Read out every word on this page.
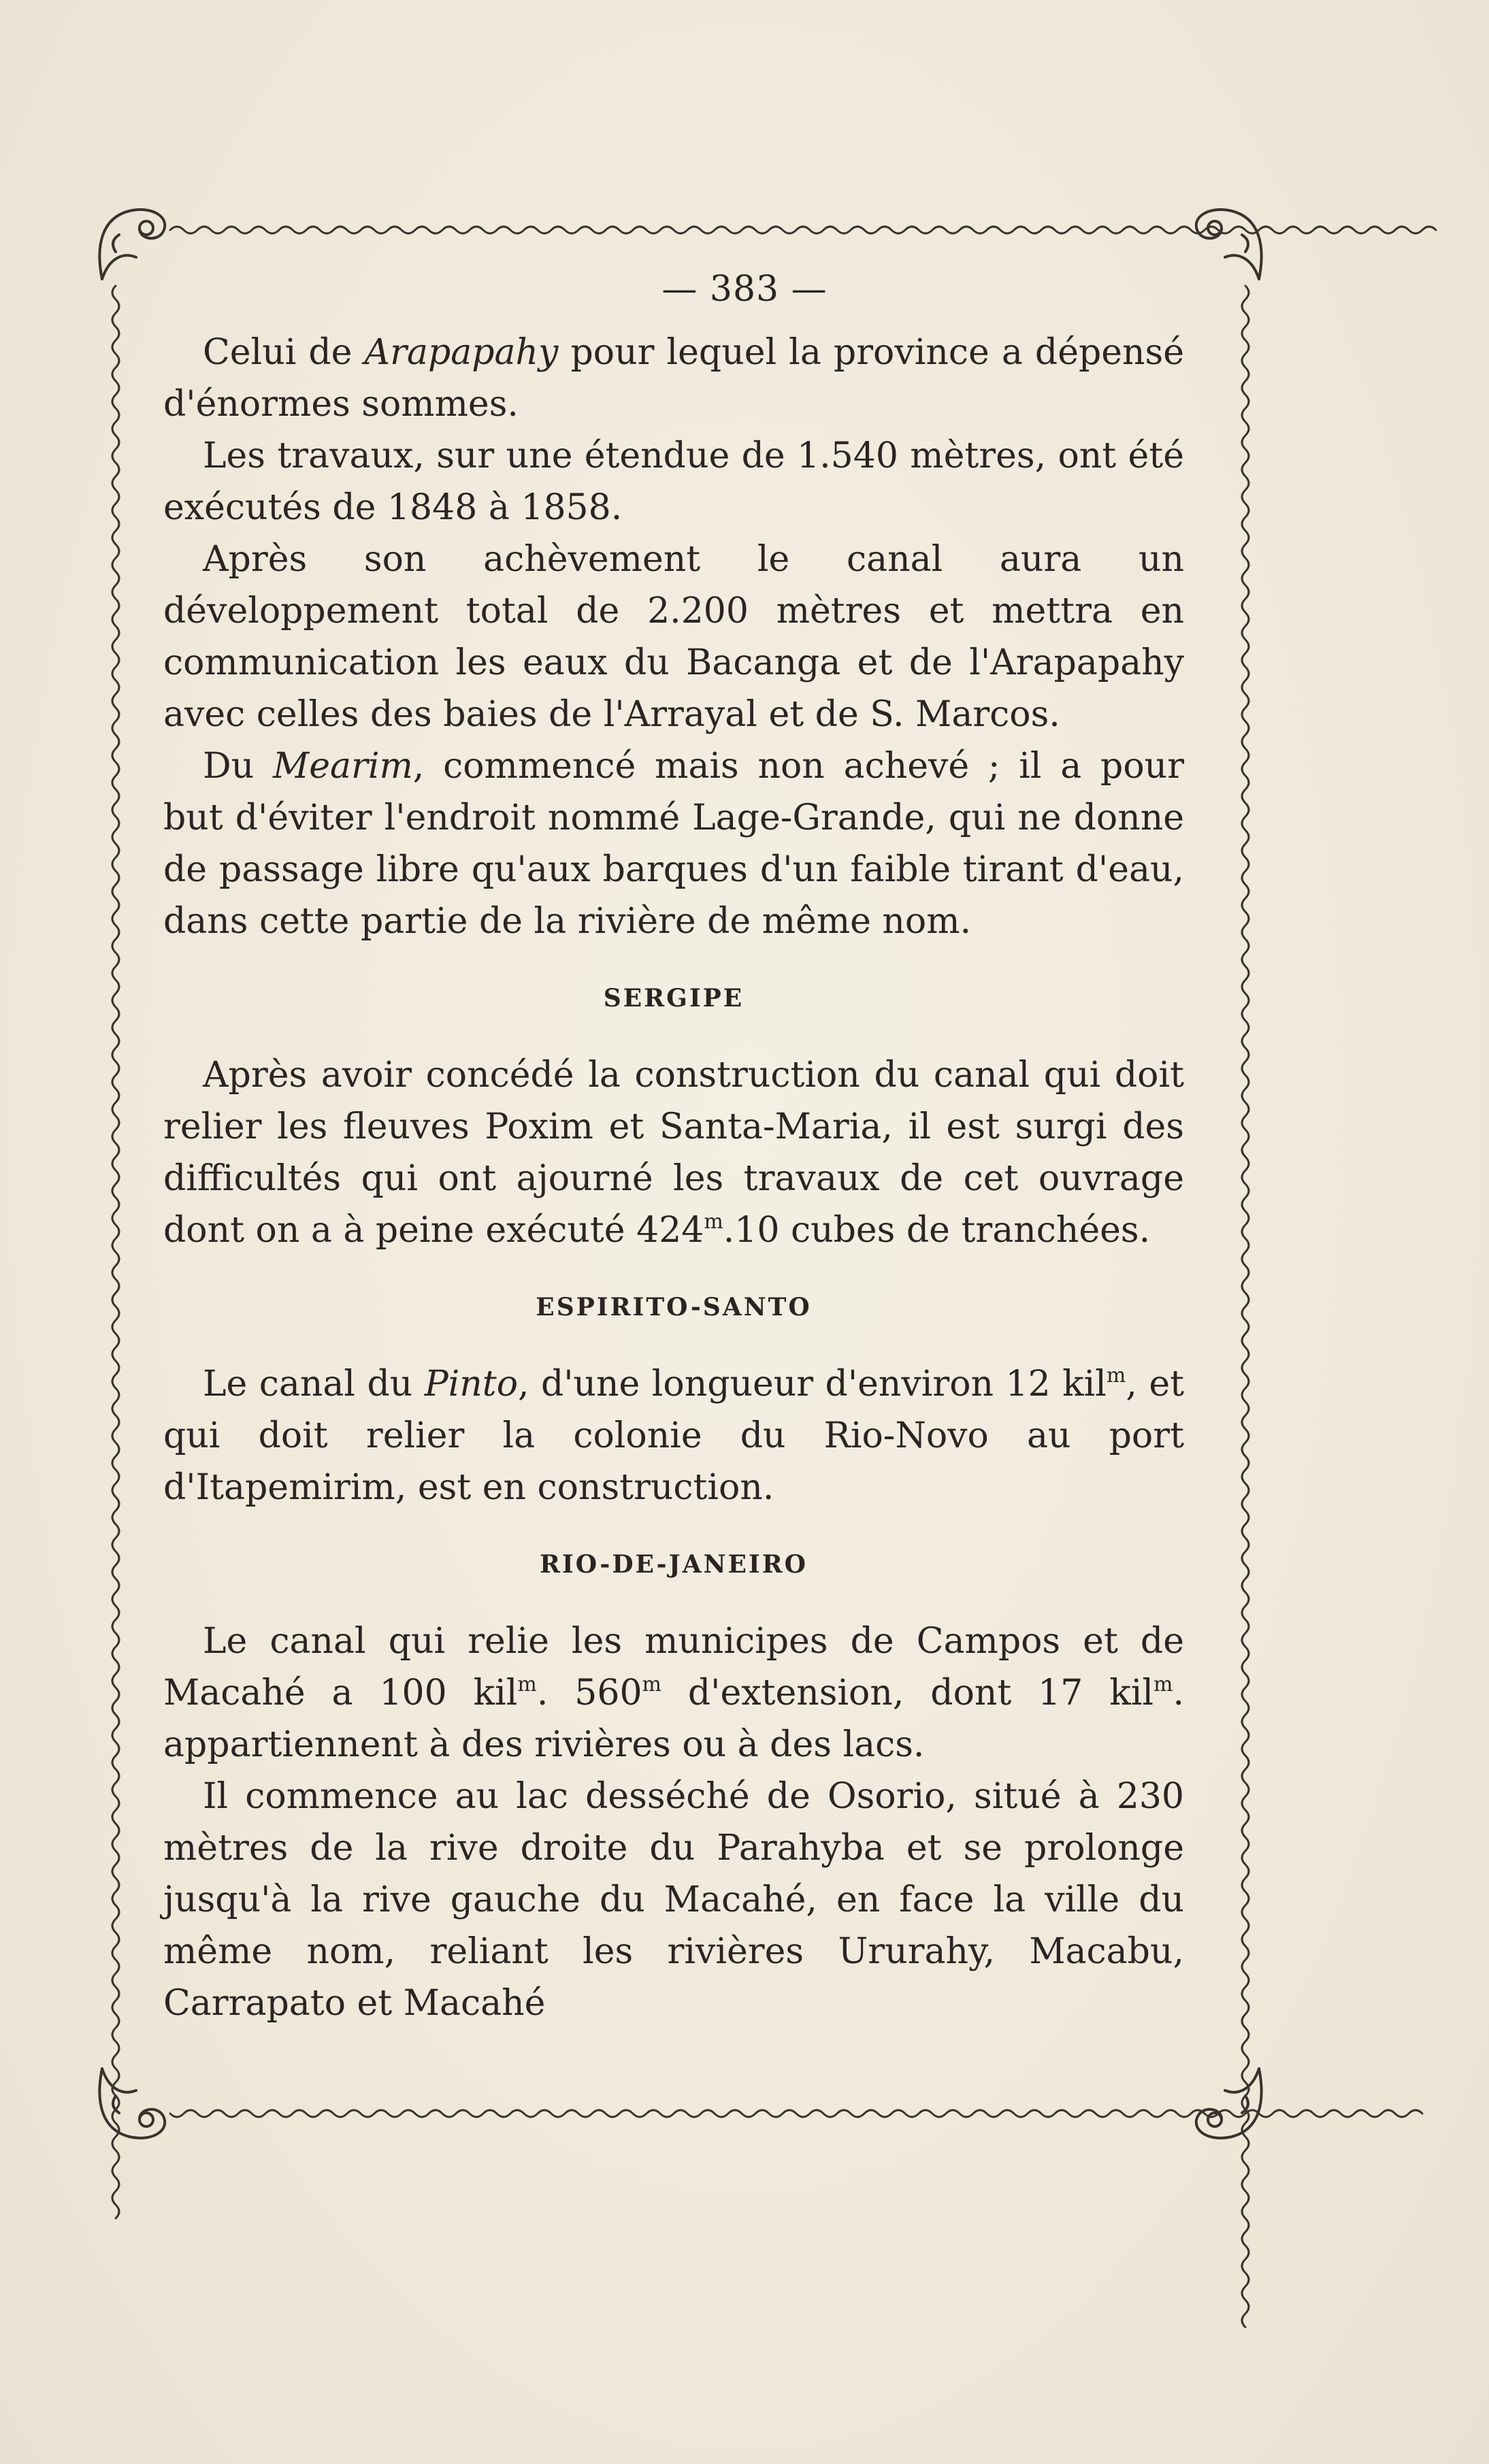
— 383 —

Celui de Arapapahy pour lequel la province a dépensé d'énormes sommes.

Les travaux, sur une étendue de 1.540 mètres, ont été exécutés de 1848 à 1858.

Après son achèvement le canal aura un développement total de 2.200 mètres et mettra en communication les eaux du Bacanga et de l'Arapapahy avec celles des baies de l'Arrayal et de S. Marcos.

Du Mearim, commencé mais non achevé ; il a pour but d'éviter l'endroit nommé Lage-Grande, qui ne donne de passage libre qu'aux barques d'un faible tirant d'eau, dans cette partie de la rivière de même nom.

SERGIPE

Après avoir concédé la construction du canal qui doit relier les fleuves Poxim et Santa-Maria, il est surgi des difficultés qui ont ajourné les travaux de cet ouvrage dont on a à peine exécuté 424$^m$.10 cubes de tranchées.

ESPIRITO-SANTO

Le canal du Pinto, d'une longueur d'environ 12 kil$^m$, et qui doit relier la colonie du Rio-Novo au port d'Itapemirim, est en construction.

RIO-DE-JANEIRO

Le canal qui relie les municipes de Campos et de Macahé a 100 kil$^m$. 560$^m$ d'extension, dont 17 kil$^m$. appartiennent à des rivières ou à des lacs.

Il commence au lac desséché de Osorio, situé à 230 mètres de la rive droite du Parahyba et se prolonge jusqu'à la rive gauche du Macahé, en face la ville du même nom, reliant les rivières Ururahy, Macabu, Carrapato et Macahé
